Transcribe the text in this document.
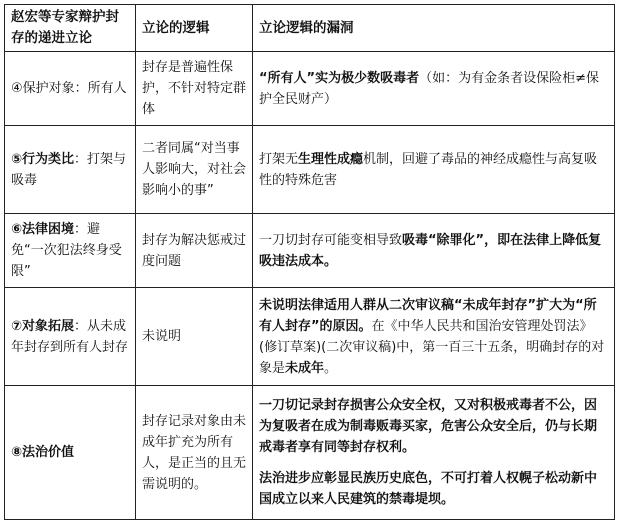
赵宏等专家辩护封存的递进立论	立论的逻辑	立论逻辑的漏洞
④保护对象：所有人	封存是普遍性保护，不针对特定群体	“所有人”实为极少数吸毒者（如：为有金条者设保险柜≠保护全民财产）
⑤行为类比：打架与吸毒	二者同属“对当事人影响大，对社会影响小的事”	打架无生理性成瘾机制，回避了毒品的神经成瘾性与高复吸性的特殊危害
⑥法律困境：避免“一次犯法终身受限”	封存为解决惩戒过度问题	一刀切封存可能变相导致吸毒“除罪化”，即在法律上降低复吸违法成本。
⑦对象拓展：从未成年封存到所有人封存	未说明	未说明法律适用人群从二次审议稿“未成年封存”扩大为“所有人封存”的原因。在《中华人民共和国治安管理处罚法》(修订草案)(二次审议稿)中，第一百三十五条，明确封存的对象是未成年。
⑧法治价值	封存记录对象由未成年扩充为所有人，是正当的且无需说明的。	一刀切记录封存损害公众安全权，又对积极戒毒者不公，因为复吸者在成为制毒贩毒买家，危害公众安全后，仍与长期戒毒者享有同等封存权利。
法治进步应彰显民族历史底色，不可打着人权幌子松动新中国成立以来人民建筑的禁毒堤坝。
